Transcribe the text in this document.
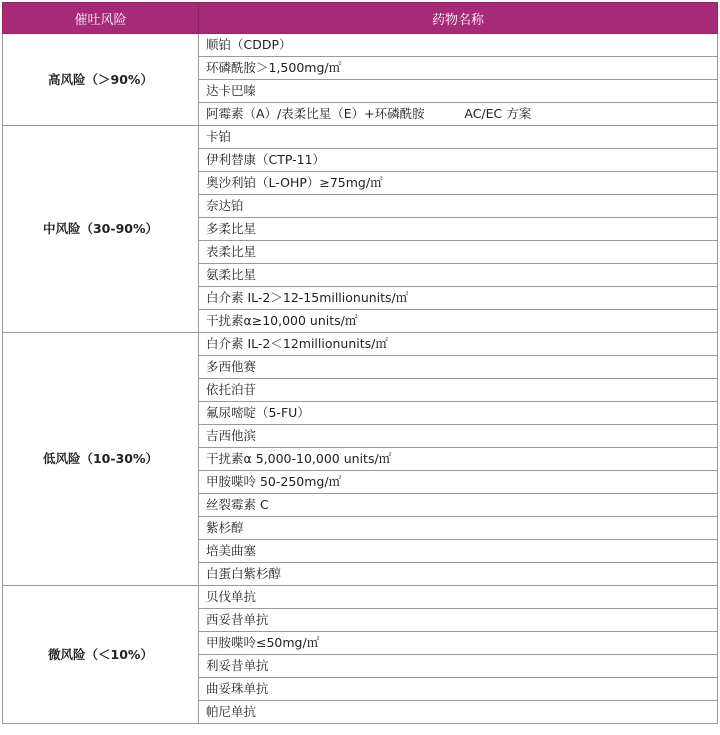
催吐风险	药物名称
高风险（＞90%）	顺铂（CDDP）
	环磷酰胺＞1,500mg/㎡
	达卡巴嗪
	阿霉素（A）/表柔比星（E）+环磷酰胺          AC/EC 方案
中风险（30-90%）	卡铂
	伊利替康（CTP-11）
	奥沙利铂（L-OHP）≥75mg/㎡
	奈达铂
	多柔比星
	表柔比星
	氨柔比星
	白介素 IL-2＞12-15millionunits/㎡
	干扰素α≥10,000 units/㎡
低风险（10-30%）	白介素 IL-2＜12millionunits/㎡
	多西他赛
	依托泊苷
	氟尿嘧啶（5-FU）
	吉西他滨
	干扰素α 5,000-10,000 units/㎡
	甲胺喋呤 50-250mg/㎡
	丝裂霉素 C
	紫杉醇
	培美曲塞
	白蛋白紫杉醇
微风险（＜10%）	贝伐单抗
	西妥昔单抗
	甲胺喋呤≤50mg/㎡
	利妥昔单抗
	曲妥珠单抗
	帕尼单抗
